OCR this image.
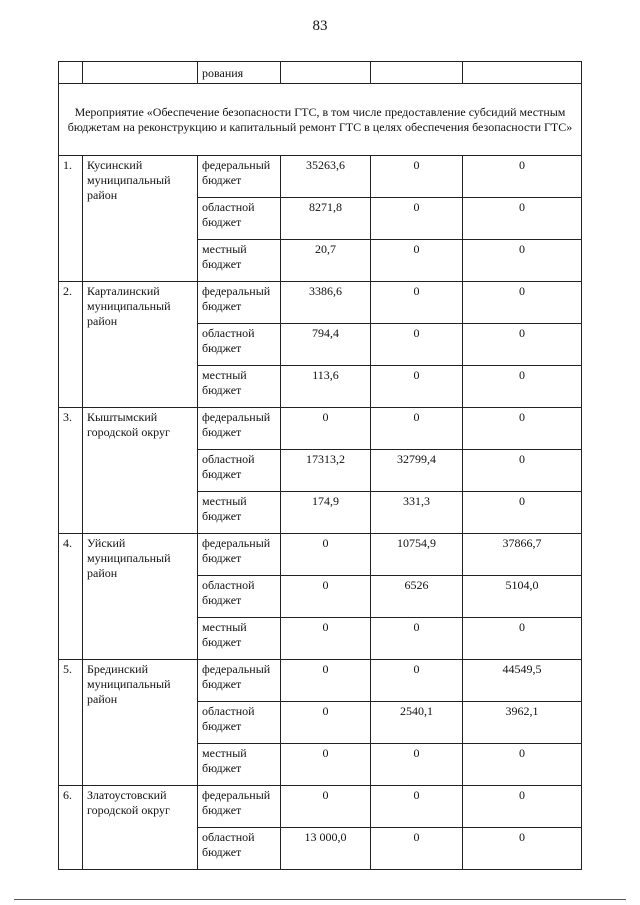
83
		рования			
Мероприятие «Обеспечение безопасности ГТС, в том числе предоставление субсидий местным бюджетам на реконструкцию и капитальный ремонт ГТС в целях обеспечения безопасности ГТС»					
1.	Кусинский муниципальный район	федеральный бюджет	35263,6	0	0
		областной бюджет	8271,8	0	0
		местный бюджет	20,7	0	0
2.	Карталинский муниципальный район	федеральный бюджет	3386,6	0	0
		областной бюджет	794,4	0	0
		местный бюджет	113,6	0	0
3.	Кыштымский городской округ	федеральный бюджет	0	0	0
		областной бюджет	17313,2	32799,4	0
		местный бюджет	174,9	331,3	0
4.	Уйский муниципальный район	федеральный бюджет	0	10754,9	37866,7
		областной бюджет	0	6526	5104,0
		местный бюджет	0	0	0
5.	Брединский муниципальный район	федеральный бюджет	0	0	44549,5
		областной бюджет	0	2540,1	3962,1
		местный бюджет	0	0	0
6.	Златоустовский городской округ	федеральный бюджет	0	0	0
		областной бюджет	13 000,0	0	0
